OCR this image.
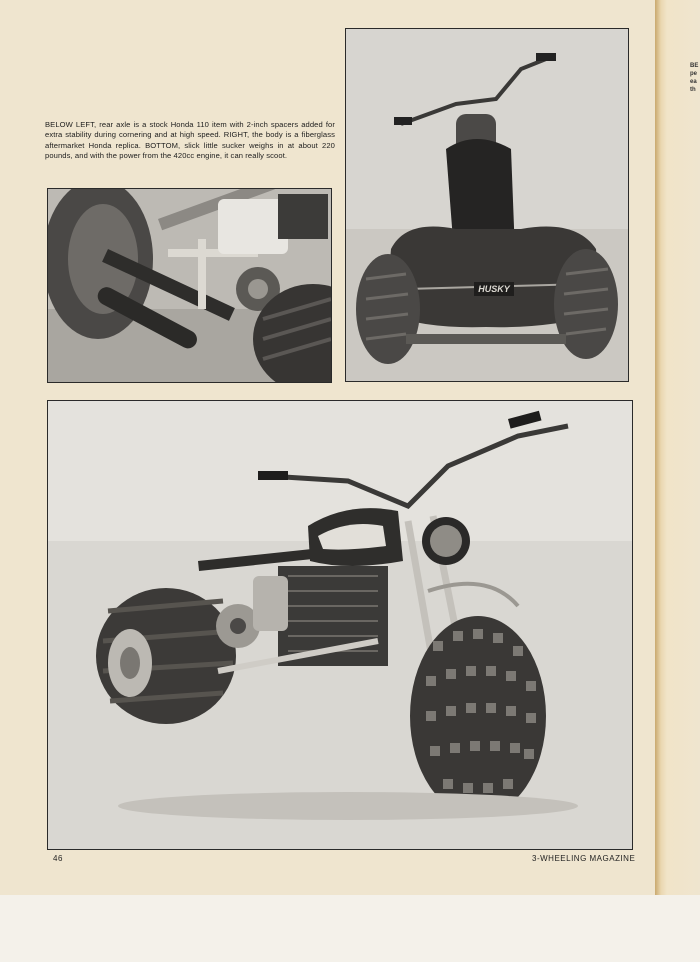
BE
pe
ea
th
BELOW LEFT, rear axle is a stock Honda 110 item with 2-inch spacers added for extra stability during cornering and at high speed. RIGHT, the body is a fiberglass aftermarket Honda replica. BOTTOM, slick little sucker weighs in at about 220 pounds, and with the power from the 420cc engine, it can really scoot.
HUSKY
46	3-WHEELING MAGAZINE
